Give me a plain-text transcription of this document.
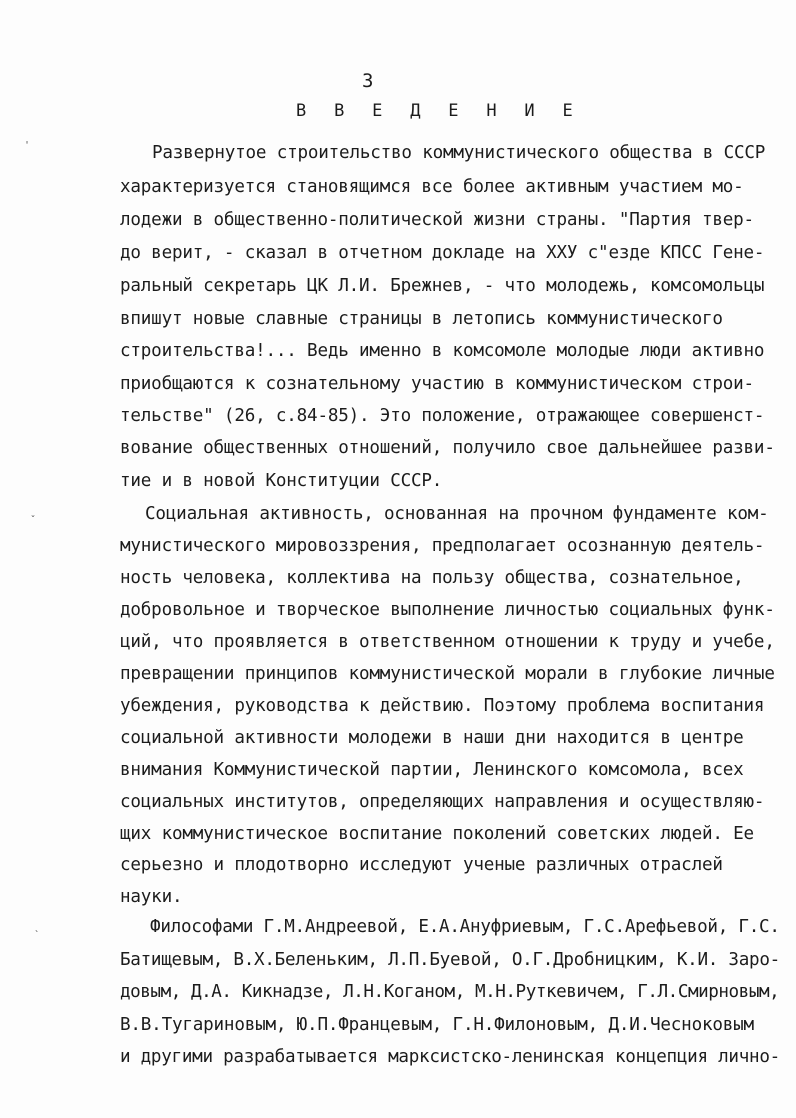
3
В В Е Д Е Н И Е
Развернутое строительство коммунистического общества в СССР
характеризуется становящимся все более активным участием мо-
лодежи в общественно-политической жизни страны. "Партия твер-
до верит, - сказал в отчетном докладе на XXУ с"езде КПСС Гене-
ральный секретарь ЦК Л.И. Брежнев, - что молодежь, комсомольцы
впишут новые славные страницы в летопись коммунистического
строительства!... Ведь именно в комсомоле молодые люди активно
приобщаются к сознательному участию в коммунистическом строи-
тельстве" (26, с.84-85). Это положение, отражающее совершенст-
вование общественных отношений, получило свое дальнейшее разви-
тие и в новой Конституции СССР.
Социальная активность, основанная на прочном фундаменте ком-
мунистического мировоззрения, предполагает осознанную деятель-
ность человека, коллектива на пользу общества, сознательное,
добровольное и творческое выполнение личностью социальных функ-
ций, что проявляется в ответственном отношении к труду и учебе,
превращении принципов коммунистической морали в глубокие личные
убеждения, руководства к действию. Поэтому проблема воспитания
социальной активности молодежи в наши дни находится в центре
внимания Коммунистической партии, Ленинского комсомола, всех
социальных институтов, определяющих направления и осуществляю-
щих коммунистическое воспитание поколений советских людей. Ее
серьезно и плодотворно исследуют ученые различных отраслей
науки.
Философами Г.М.Андреевой, Е.А.Ануфриевым, Г.С.Арефьевой, Г.С.
Батищевым, В.Х.Беленьким, Л.П.Буевой, О.Г.Дробницким, К.И. Заро-
довым, Д.А. Кикнадзе, Л.Н.Коганом, М.Н.Руткевичем, Г.Л.Смирновым,
В.В.Тугариновым, Ю.П.Францевым, Г.Н.Филоновым, Д.И.Чесноковым
и другими разрабатывается марксистско-ленинская концепция лично-
'
ˇ
`
